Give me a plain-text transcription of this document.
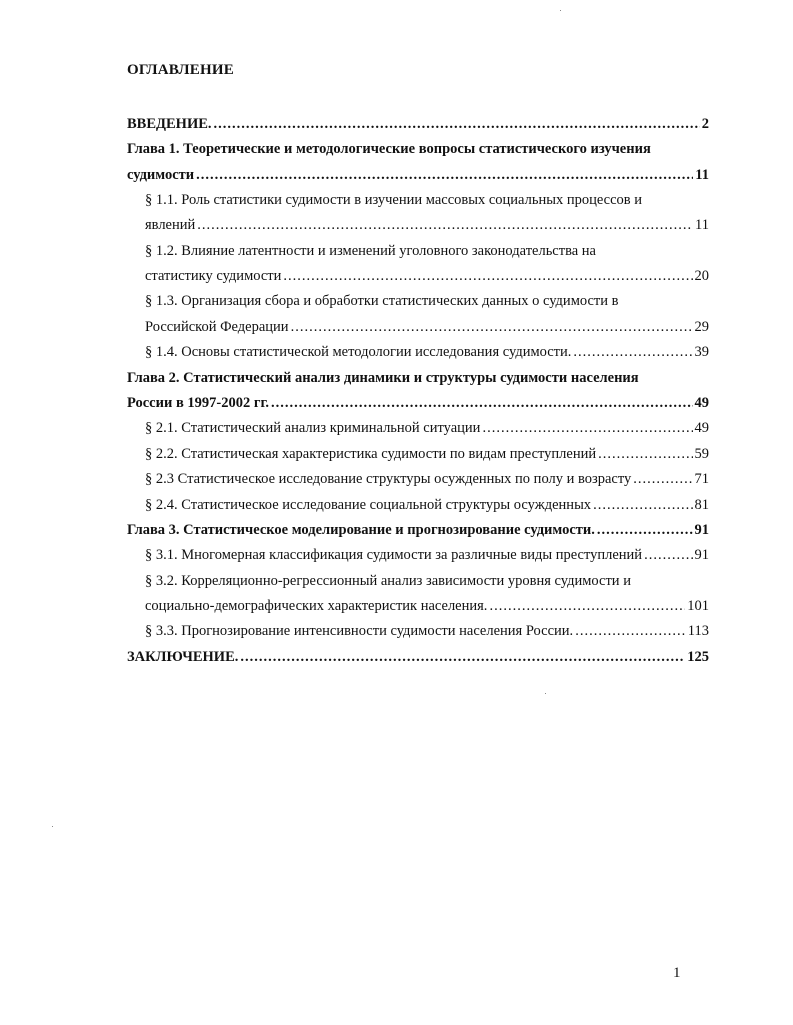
ОГЛАВЛЕНИЕ
ВВЕДЕНИЕ. .....	2
Глава 1. Теоретические и методологические вопросы статистического изучения
судимости .....	11
§ 1.1. Роль статистики судимости в изучении массовых социальных процессов и
явлений .....	11
§ 1.2. Влияние латентности и изменений уголовного законодательства на
статистику судимости .....	20
§ 1.3. Организация сбора и обработки статистических данных о судимости в
Российской Федерации .....	29
§ 1.4. Основы статистической методологии исследования судимости. .....	39
Глава 2. Статистический анализ динамики и структуры судимости населения
России в 1997-2002 гг. .....	49
§ 2.1. Статистический анализ криминальной ситуации .....	49
§ 2.2. Статистическая характеристика судимости по видам преступлений .....	59
§ 2.3 Статистическое исследование структуры осужденных по полу и возрасту .....	71
§ 2.4. Статистическое исследование социальной структуры осужденных .....	81
Глава 3. Статистическое моделирование и прогнозирование судимости. .....	91
§ 3.1. Многомерная классификация судимости за различные виды преступлений .....	91
§ 3.2. Корреляционно-регрессионный анализ зависимости уровня судимости и
социально-демографических характеристик населения. .....	101
§ 3.3. Прогнозирование интенсивности судимости населения России. .....	113
ЗАКЛЮЧЕНИЕ. .....	125
1
